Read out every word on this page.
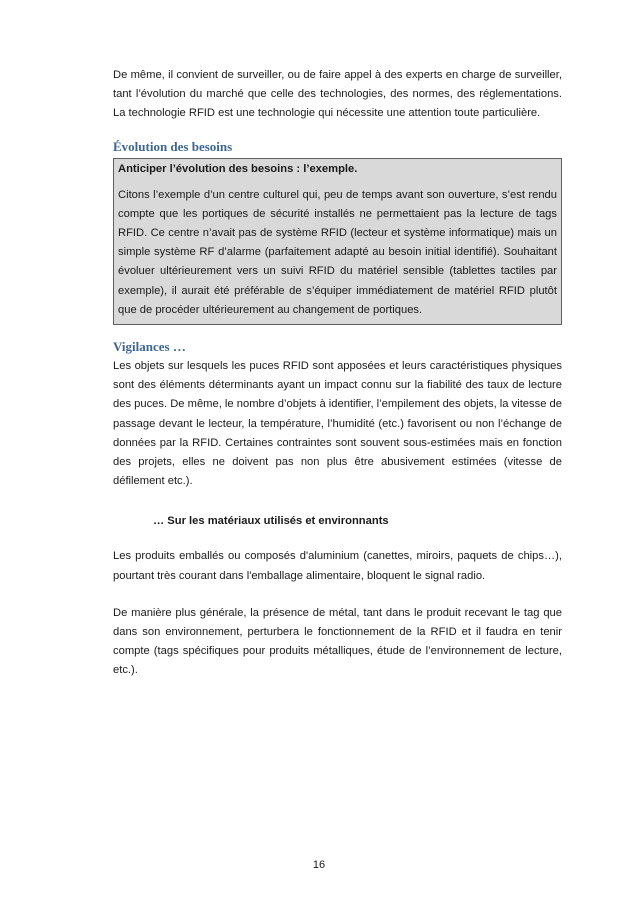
De même, il convient de surveiller, ou de faire appel à des experts en charge de surveiller, tant l’évolution du marché que celle des technologies, des normes, des réglementations. La technologie RFID est une technologie qui nécessite une attention toute particulière.

Évolution des besoins

Anticiper l’évolution des besoins : l’exemple.

Citons l’exemple d’un centre culturel qui, peu de temps avant son ouverture, s’est rendu compte que les portiques de sécurité installés ne permettaient pas la lecture de tags RFID. Ce centre n’avait pas de système RFID (lecteur et système informatique) mais un simple système RF d’alarme (parfaitement adapté au besoin initial identifié). Souhaitant évoluer ultérieurement vers un suivi RFID du matériel sensible (tablettes tactiles par exemple), il aurait été préférable de s’équiper immédiatement de matériel RFID plutôt que de procéder ultérieurement au changement de portiques.

Vigilances …

Les objets sur lesquels les puces RFID sont apposées et leurs caractéristiques physiques sont des éléments déterminants ayant un impact connu sur la fiabilité des taux de lecture des puces. De même, le nombre d’objets à identifier, l’empilement des objets, la vitesse de passage devant le lecteur, la température, l’humidité (etc.) favorisent ou non l’échange de données par la RFID. Certaines contraintes sont souvent sous-estimées mais en fonction des projets, elles ne doivent pas non plus être abusivement estimées (vitesse de défilement etc.).

… Sur les matériaux utilisés et environnants

Les produits emballés ou composés d'aluminium (canettes, miroirs, paquets de chips…), pourtant très courant dans l'emballage alimentaire, bloquent le signal radio.

De manière plus générale, la présence de métal, tant dans le produit recevant le tag que dans son environnement, perturbera le fonctionnement de la RFID et il faudra en tenir compte (tags spécifiques pour produits métalliques, étude de l’environnement de lecture, etc.).

16
